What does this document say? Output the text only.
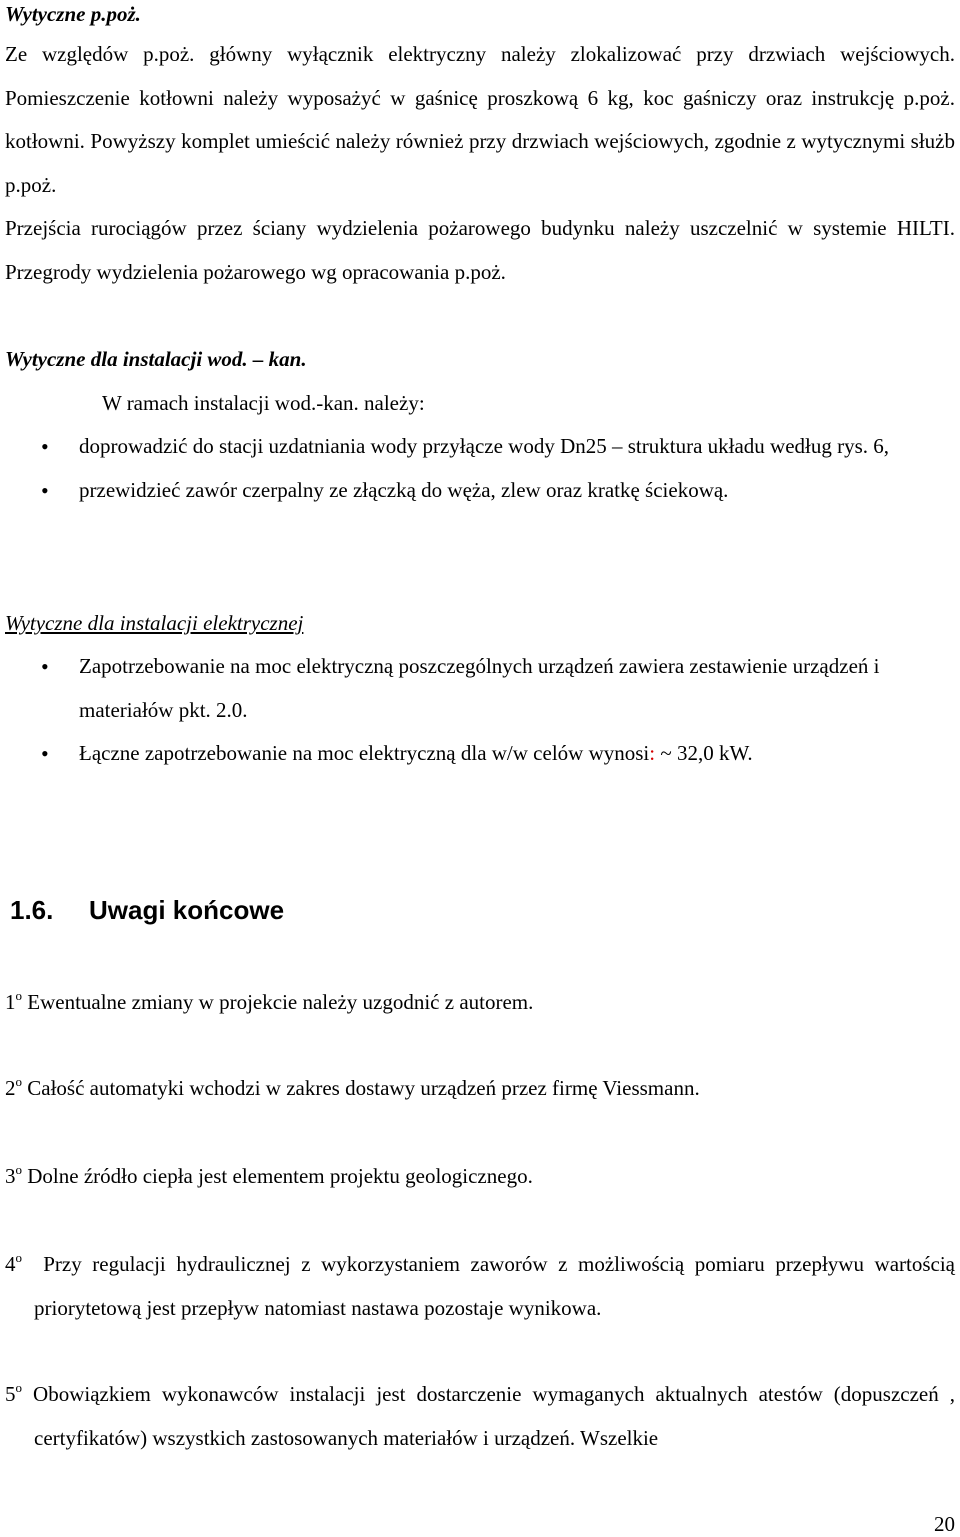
Wytyczne p.poż.
Ze względów p.poż. główny wyłącznik elektryczny należy zlokalizować przy drzwiach wejściowych. Pomieszczenie kotłowni należy wyposażyć w gaśnicę proszkową 6 kg, koc gaśniczy oraz instrukcję p.poż. kotłowni. Powyższy komplet umieścić należy również przy drzwiach wejściowych, zgodnie z wytycznymi służb p.poż.
Przejścia rurociągów przez ściany wydzielenia pożarowego budynku należy uszczelnić w systemie HILTI. Przegrody wydzielenia pożarowego wg opracowania p.poż.
Wytyczne dla instalacji wod. – kan.
W ramach instalacji wod.-kan. należy:
• doprowadzić do stacji uzdatniania wody przyłącze wody Dn25 – struktura układu według rys. 6,
• przewidzieć zawór czerpalny ze złączką do węża, zlew oraz kratkę ściekową.
Wytyczne dla instalacji elektrycznej
• Zapotrzebowanie na moc elektryczną poszczególnych urządzeń zawiera zestawienie urządzeń i materiałów pkt. 2.0.
• Łączne zapotrzebowanie na moc elektryczną dla w/w celów wynosi: ~ 32,0 kW.
1.6. Uwagi końcowe
1$^o$ Ewentualne zmiany w projekcie należy uzgodnić z autorem.
2$^o$ Całość automatyki wchodzi w zakres dostawy urządzeń przez firmę Viessmann.
3$^o$ Dolne źródło ciepła jest elementem projektu geologicznego.
4$^o$ Przy regulacji hydraulicznej z wykorzystaniem zaworów z możliwością pomiaru przepływu wartością priorytetową jest przepływ natomiast nastawa pozostaje wynikowa.
5$^o$ Obowiązkiem wykonawców instalacji jest dostarczenie wymaganych aktualnych atestów (dopuszczeń , certyfikatów) wszystkich zastosowanych materiałów i urządzeń. Wszelkie
20
